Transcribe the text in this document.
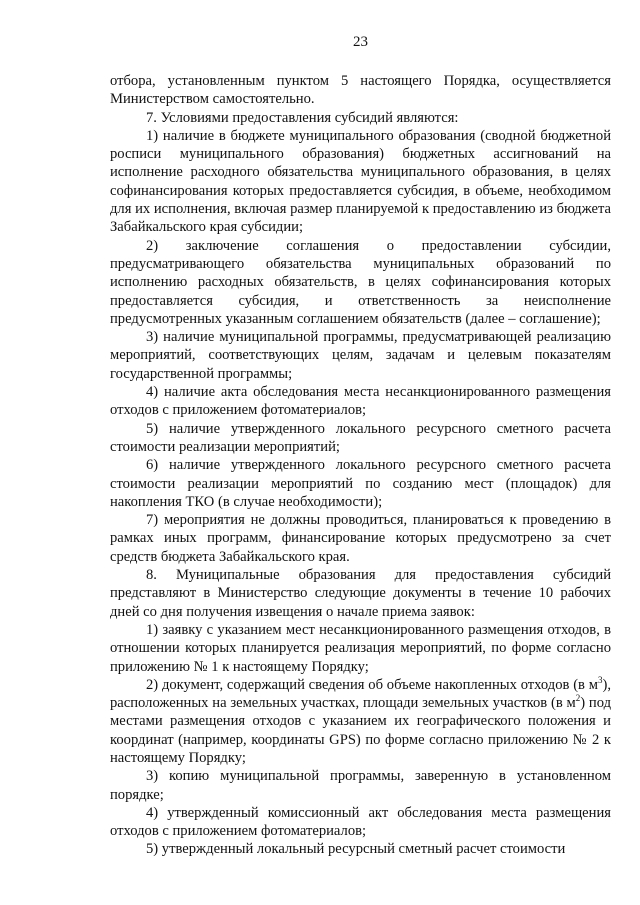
23

отбора, установленным пунктом 5 настоящего Порядка, осуществляется Министерством самостоятельно.

7. Условиями предоставления субсидий являются:

1) наличие в бюджете муниципального образования (сводной бюджетной росписи муниципального образования) бюджетных ассигнований на исполнение расходного обязательства муниципального образования, в целях софинансирования которых предоставляется субсидия, в объеме, необходимом для их исполнения, включая размер планируемой к предоставлению из бюджета Забайкальского края субсидии;

2) заключение соглашения о предоставлении субсидии, предусматривающего обязательства муниципальных образований по исполнению расходных обязательств, в целях софинансирования которых предоставляется субсидия, и ответственность за неисполнение предусмотренных указанным соглашением обязательств (далее – соглашение);

3) наличие муниципальной программы, предусматривающей реализацию мероприятий, соответствующих целям, задачам и целевым показателям государственной программы;

4) наличие акта обследования места несанкционированного размещения отходов с приложением фотоматериалов;

5) наличие утвержденного локального ресурсного сметного расчета стоимости реализации мероприятий;

6) наличие утвержденного локального ресурсного сметного расчета стоимости реализации мероприятий по созданию мест (площадок) для накопления ТКО (в случае необходимости);

7) мероприятия не должны проводиться, планироваться к проведению в рамках иных программ, финансирование которых предусмотрено за счет средств бюджета Забайкальского края.

8. Муниципальные образования для предоставления субсидий представляют в Министерство следующие документы в течение 10 рабочих дней со дня получения извещения о начале приема заявок:

1) заявку с указанием мест несанкционированного размещения отходов, в отношении которых планируется реализация мероприятий, по форме согласно приложению № 1 к настоящему Порядку;

2) документ, содержащий сведения об объеме накопленных отходов (в $м^3$), расположенных на земельных участках, площади земельных участков (в $м^2$) под местами размещения отходов с указанием их географического положения и координат (например, координаты GPS) по форме согласно приложению № 2 к настоящему Порядку;

3) копию муниципальной программы, заверенную в установленном порядке;

4) утвержденный комиссионный акт обследования места размещения отходов с приложением фотоматериалов;

5) утвержденный локальный ресурсный сметный расчет стоимости
